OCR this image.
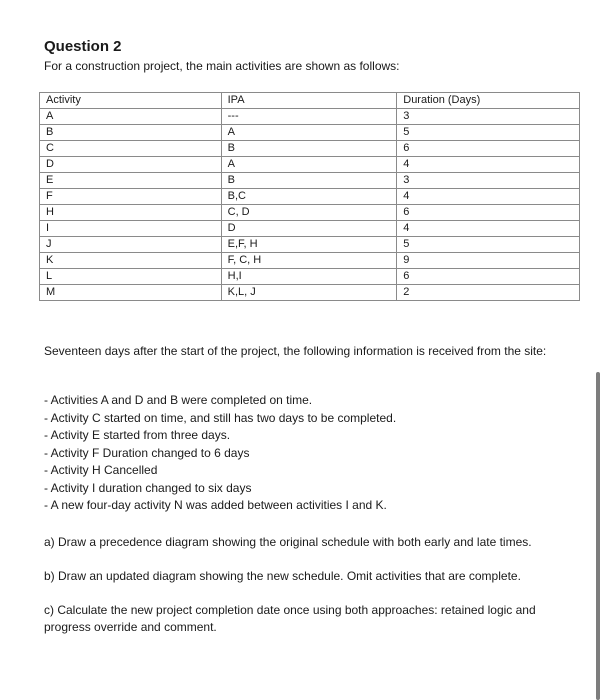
Question 2

For a construction project, the main activities are shown as follows:

Activity	IPA	Duration (Days)
A	---	3
B	A	5
C	B	6
D	A	4
E	B	3
F	B,C	4
H	C, D	6
I	D	4
J	E,F, H	5
K	F, C, H	9
L	H,I	6
M	K,L, J	2

Seventeen days after the start of the project, the following information is received from the site:

- Activities A and D and B were completed on time.
- Activity C started on time, and still has two days to be completed.
- Activity E started from three days.
- Activity F Duration changed to 6 days
- Activity H Cancelled
- Activity I duration changed to six days
- A new four-day activity N was added between activities I and K.

a) Draw a precedence diagram showing the original schedule with both early and late times.

b) Draw an updated diagram showing the new schedule. Omit activities that are complete.

c) Calculate the new project completion date once using both approaches: retained logic and progress override and comment.
